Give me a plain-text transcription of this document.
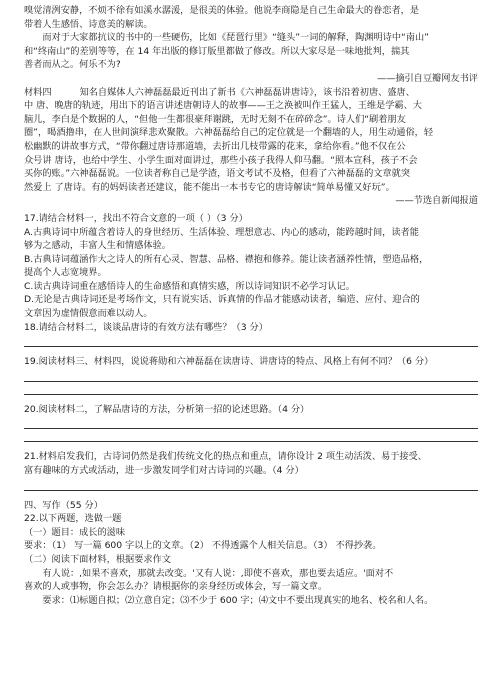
嗅觉清洌安静，不烦不徐有如溪水潺湲，是很美的体验。他说李商隐是自己生命最大的眷恋者，是

带着人生感悟、诗意美的解读。

而对于大家都抗议的书中的一些硬伤，比如《琵琶行里》“缝头”一词的解释，陶渊明诗中“南山”

和“终南山”的差别等等，在 14 年出版的修订版里都做了修改。所以大家尽是一味地批判，揣其

善者而从之。何乐不为?

——摘引自豆瓣网友书评

材料四	知名自媒体人六神磊磊最近刊出了新书《六神磊磊讲唐诗》，该书沿着初唐、盛唐、

中 唐、晚唐的轨迹，用出下的语言讲述唐朝诗人的故事——王之涣被叫作王猛人，王维是学霸、大

脑儿，李白是个数据的人，“但他一生都很豪拜谢跳，无时无刻不在碎碎念”。诗人们“刷着朋友

圈”，喝酒撸串，在人世间演绎悲欢聚散。六神磊磊给自己的定位就是一个翻墙的人，用生动通俗，轻

松幽默的讲故事方式，“带你翻过唐诗那道墙，去折出几枝带露的花来，拿给你看。”他不仅在公

众号讲 唐诗，也给中学生、小学生面对面讲过，那些小孩子我得人仰马翻。“照本宣科，孩子不会

买你的账。”六神磊磊说。一位读者称自己是学渣，语文考试不及格，但看了六神磊磊的文章就突

然爱上 了唐诗。有的妈妈读者还建议，能不能出一本书专它的唐诗解读“简单易懂又好玩”。

——节选自新闻报道

17.请结合材料一，找出不符合文意的一项（ ）（3 分）

A.古典诗词中所蕴含着诗人的身世经历、生活体验、理想意志、内心的感动，能跨越时间，读者能

够为之感动，丰富人生和情感体验。

B.古典诗词蕴涵作大之诗人的所有心灵、智慧、品格、襟抱和修养。能让读者涵养性情，塑造品格，

提高个人志宽境界。

C.读古典诗词重在感悟诗人的生命感悟和真情实感，所以诗词知识不必学习认记。

D.无论是古典诗词还是考场作文，只有说实话、诉真情的作品才能感动读者，编造、应付、迎合的

文章因为虚情假意而难以动人。

18.请结合材料二，谈谈品唐诗的有效方法有哪些？（3 分）

19.阅读材料三、材料四，说说蒋勋和六神磊磊在读唐诗、讲唐诗的特点、风格上有何不同？（6 分）

20.阅读材料二，了解品唐诗的方法，分析第一招的论述思路。（4 分）

21.材料启发我们，古诗词仍然是我们传统文化的热点和重点，请你设计 2 项生动活泼、易于接受、

富有趣味的方式或活动，进一步激发同学们对古诗词的兴趣。（4 分）

四、写作（55 分）

22.以下两题，选做一题

（一）题目：成长的滋味

要求：（1） 写一篇 600 字以上的文章。（2） 不得透露个人相关信息。（3） 不得抄袭。

（二）阅读下面材料，根据要求作文

有人说：,如果不喜欢，那就去改变。'又有人说：,即使不喜欢，那也要去适应。'面对不

喜欢的人或事物，你会怎么办？请根据你的亲身经历或体会，写一篇文章。

要求：⑴标题自拟；⑵立意自定；⑶不少于 600 字；⑷文中不要出现真实的地名、校名和人名。
